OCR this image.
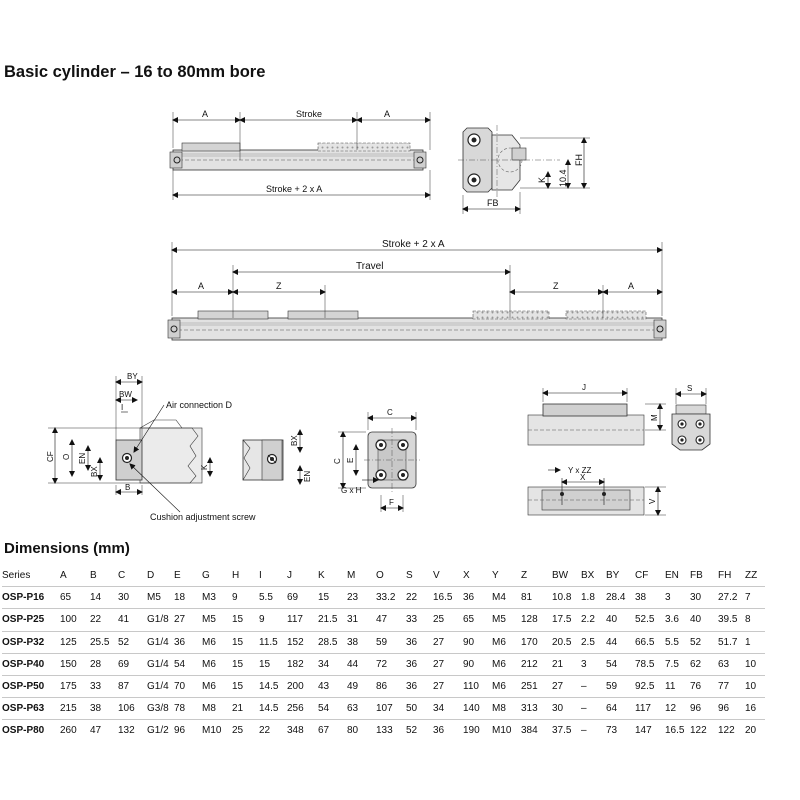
Basic cylinder – 16 to 80mm bore
A	Stroke	A
Stroke + 2 x A
FH
10.4
K
FB
Stroke + 2 x A
Travel
A	Z	Z	A
BY
BW
I
B
CF O EN
BX	K
Air connection D
Cushion adjustment screw
BX
EN
C
C E
G x H
F
J
M
S
X
Y x ZZ
V
Dimensions (mm)
Series	A	B	C	D	E	G	H	I	J	K	M	O	S	V	X	Y	Z	BW	BX	BY	CF	EN	FB	FH	ZZ
OSP-P16	65	14	30	M5	18	M3	9	5.5	69	15	23	33.2	22	16.5	36	M4	81	10.8	1.8	28.4	38	3	30	27.2	7
OSP-P25	100	22	41	G1/8	27	M5	15	9	117	21.5	31	47	33	25	65	M5	128	17.5	2.2	40	52.5	3.6	40	39.5	8
OSP-P32	125	25.5	52	G1/4	36	M6	15	11.5	152	28.5	38	59	36	27	90	M6	170	20.5	2.5	44	66.5	5.5	52	51.7	1
OSP-P40	150	28	69	G1/4	54	M6	15	15	182	34	44	72	36	27	90	M6	212	21	3	54	78.5	7.5	62	63	10
OSP-P50	175	33	87	G1/4	70	M6	15	14.5	200	43	49	86	36	27	110	M6	251	27	–	59	92.5	11	76	77	10
OSP-P63	215	38	106	G3/8	78	M8	21	14.5	256	54	63	107	50	34	140	M8	313	30	–	64	117	12	96	96	16
OSP-P80	260	47	132	G1/2	96	M10	25	22	348	67	80	133	52	36	190	M10	384	37.5	–	73	147	16.5	122	122	20
